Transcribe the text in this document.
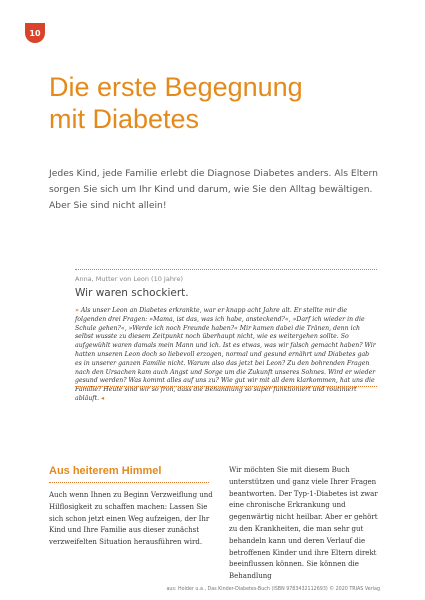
10
Die erste Begegnung
mit Diabetes

Jedes Kind, jede Familie erlebt die Diagnose Diabetes anders. Als Eltern sorgen Sie sich um Ihr Kind und darum, wie Sie den Alltag bewältigen. Aber Sie sind nicht allein!

Anna, Mutter von Leon (10 Jahre)
Wir waren schockiert.

» Als unser Leon an Diabetes erkrankte, war er knapp acht Jahre alt. Er stellte mir die folgenden drei Fragen: »Mama, ist das, was ich habe, ansteckend?«, »Darf ich wieder in die Schule gehen?«, »Werde ich noch Freunde haben?« Mir kamen dabei die Tränen, denn ich selbst wusste zu diesem Zeitpunkt noch überhaupt nicht, wie es weitergehen sollte. So aufgewühlt waren damals mein Mann und ich. Ist es etwas, was wir falsch gemacht haben? Wir hatten unseren Leon doch so liebevoll erzogen, normal und gesund ernährt und Diabetes gab es in unserer ganzen Familie nicht. Warum also das jetzt bei Leon? Zu den bohrenden Fragen nach den Ursachen kam auch Angst und Sorge um die Zukunft unseres Sohnes. Wird er wieder gesund werden? Was kommt alles auf uns zu? Wie gut wir mit all dem klarkommen, hat uns die Familie? Heute sind wir so froh, dass die Behandlung so super funktioniert und routiniert abläuft. ◂

Aus heiterem Himmel

Auch wenn Ihnen zu Beginn Verzweiflung und Hilflosigkeit zu schaffen machen: Lassen Sie sich schon jetzt einen Weg aufzeigen, der Ihr Kind und Ihre Familie aus dieser zunächst verzweifelten Situation herausführen wird.

Wir möchten Sie mit diesem Buch unterstützen und ganz viele Ihrer Fragen beantworten. Der Typ-1-Diabetes ist zwar eine chronische Erkrankung und gegenwärtig nicht heilbar. Aber er gehört zu den Krankheiten, die man sehr gut behandeln kann und deren Verlauf die betroffenen Kinder und ihre Eltern direkt beeinflussen können. Sie können die Behandlung

aus: Holder u.a., Das Kinder-Diabetes-Buch (ISBN 9783432112693) © 2020 TRIAS Verlag
